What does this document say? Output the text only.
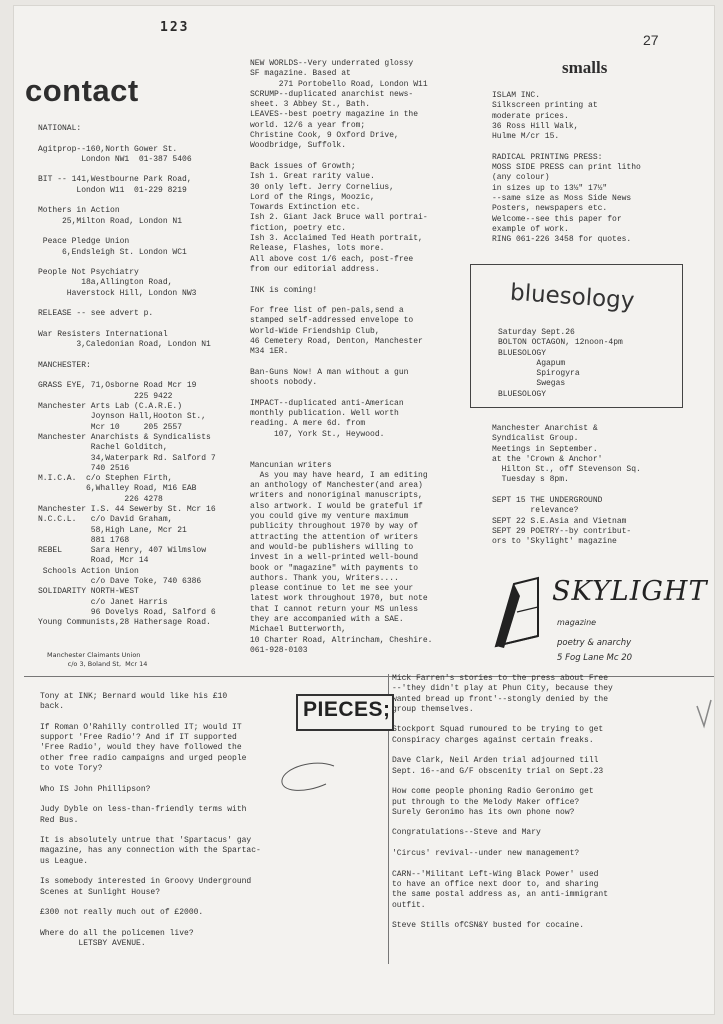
123
27
contact
smalls
NATIONAL:

Agitprop--160,North Gower St.
London NW1  01-387 5406

BIT -- 141,Westbourne Park Road,
London W11  01-229 8219

Mothers in Action
25,Milton Road, London N1

Peace Pledge Union
6,Endsleigh St. London WC1

People Not Psychiatry
18a,Allington Road,
Haverstock Hill, London NW3

RELEASE -- see advert p.

War Resisters International
3,Caledonian Road, London N1

MANCHESTER:

GRASS EYE, 71,Osborne Road Mcr 19
225 9422
Manchester Arts Lab (C.A.R.E.)
Joynson Hall,Hooton St.,
Mcr 10     205 2557
Manchester Anarchists & Syndicalists
Rachel Golditch,
34,Waterpark Rd. Salford 7
740 2516
M.I.C.A.  c/o Stephen Firth,
6,Whalley Road, M16 EAB
226 4278
Manchester I.S. 44 Sewerby St. Mcr 16
N.C.C.L.   c/o David Graham,
58,High Lane, Mcr 21
881 1768
REBEL      Sara Henry, 407 Wilmslow
Road, Mcr 14
Schools Action Union
c/o Dave Toke, 740 6386
SOLIDARITY NORTH-WEST
c/o Janet Harris
96 Dovelys Road, Salford 6
Young Communists,28 Hathersage Road.
Manchester Claimants Union
c/o 3, Boland St,  Mcr 14
NEW WORLDS--Very underrated glossy
SF magazine. Based at
271 Portobello Road, London W11
SCRUMP--duplicated anarchist news-
sheet. 3 Abbey St., Bath.
LEAVES--best poetry magazine in the
world. 12/6 a year from;
Christine Cook, 9 Oxford Drive,
Woodbridge, Suffolk.

Back issues of Growth;
Ish 1. Great rarity value.
30 only left. Jerry Cornelius,
Lord of the Rings, Moozic,
Towards Extinction etc.
Ish 2. Giant Jack Bruce wall portrai-
fiction, poetry etc.
Ish 3. Acclaimed Ted Heath portrait,
Release, Flashes, lots more.
All above cost 1/6 each, post-free
from our editorial address.

INK is coming!

For free list of pen-pals,send a
stamped self-addressed envelope to
World-Wide Friendship Club,
46 Cemetery Road, Denton, Manchester
M34 1ER.

Ban-Guns Now! A man without a gun
shoots nobody.

IMPACT--duplicated anti-American
monthly publication. Well worth
reading. A mere 6d. from
107, York St., Heywood.

Mancunian writers
As you may have heard, I am editing
an anthology of Manchester(and area)
writers and nonoriginal manuscripts,
also artwork. I would be grateful if
you could give my venture maximum
publicity throughout 1970 by way of
attracting the attention of writers
and would-be publishers willing to
invest in a well-printed well-bound
book or "magazine" with payments to
authors. Thank you, Writers....
please continue to let me see your
latest work throughout 1970, but note
that I cannot return your MS unless
they are accompanied with a SAE.
Michael Butterworth,
10 Charter Road, Altrincham, Cheshire.
061-928-0103
ISLAM INC.
Silkscreen printing at
moderate prices.
36 Ross Hill Walk,
Hulme M/cr 15.

RADICAL PRINTING PRESS:
MOSS SIDE PRESS can print litho
(any colour)
in sizes up to 13½" 17½"
--same size as Moss Side News
Posters, newspapers etc.
Welcome--see this paper for
example of work.
RING 061-226 3458 for quotes.
bluesology
Saturday Sept.26
BOLTON OCTAGON, 12noon-4pm
BLUESOLOGY
Agapum
Spirogyra
Swegas
BLUESOLOGY
Manchester Anarchist &
Syndicalist Group.
Meetings in September.
at the 'Crown & Anchor'
Hilton St., off Stevenson Sq.
Tuesday s 8pm.

SEPT 15 THE UNDERGROUND
relevance?
SEPT 22 S.E.Asia and Vietnam
SEPT 29 POETRY--by contribut-
ors to 'Skylight' magazine
SKYLIGHT
magazine
poetry & anarchy
5 Fog Lane Mc 20
PIECES;
Tony at INK; Bernard would like his £10
back.

If Roman O'Rahilly controlled IT; would IT
support 'Free Radio'? And if IT supported
'Free Radio', would they have followed the
other free radio campaigns and urged people
to vote Tory?

Who IS John Phillipson?

Judy Dyble on less-than-friendly terms with
Red Bus.

It is absolutely untrue that 'Spartacus' gay
magazine, has any connection with the Spartac-
us League.

Is somebody interested in Groovy Underground
Scenes at Sunlight House?

£300 not really much out of £2000.

Where do all the policemen live?
LETSBY AVENUE.
Mick Farren's stories to the press about Free
--'they didn't play at Phun City, because they
wanted bread up front'--stongly denied by the
group themselves.

Stockport Squad rumoured to be trying to get
Conspiracy charges against certain freaks.

Dave Clark, Neil Arden trial adjourned till
Sept. 16--and G/F obscenity trial on Sept.23

How come people phoning Radio Geronimo get
put through to the Melody Maker office?
Surely Geronimo has its own phone now?

Congratulations--Steve and Mary

'Circus' revival--under new management?

CARN--'Militant Left-Wing Black Power' used
to have an office next door to, and sharing
the same postal address as, an anti-immigrant
outfit.

Steve Stills ofCSN&Y busted for cocaine.
